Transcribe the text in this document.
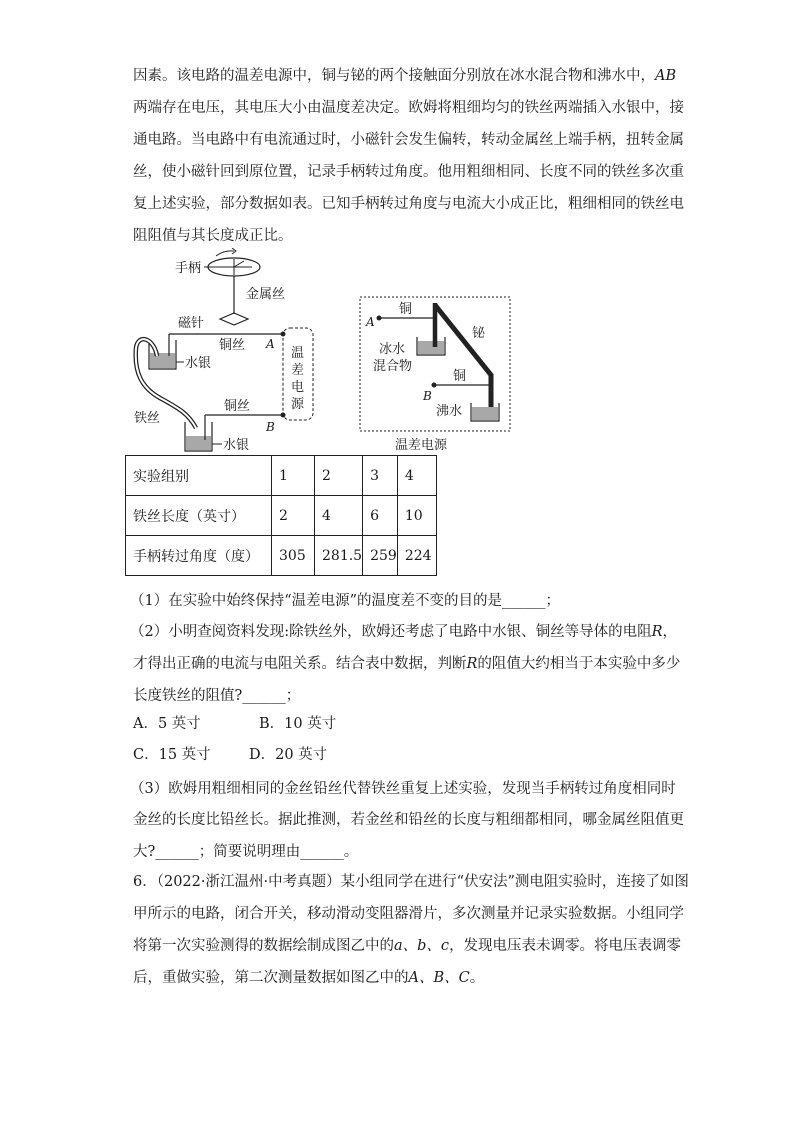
因素。该电路的温差电源中，铜与铋的两个接触面分别放在冰水混合物和沸水中，AB
两端存在电压，其电压大小由温度差决定。欧姆将粗细均匀的铁丝两端插入水银中，接
通电路。当电路中有电流通过时，小磁针会发生偏转，转动金属丝上端手柄，扭转金属
丝，使小磁针回到原位置，记录手柄转过角度。他用粗细相同、长度不同的铁丝多次重
复上述实验，部分数据如表。已知手柄转过角度与电流大小成正比，粗细相同的铁丝电
阻阻值与其长度成正比。
手柄
金属丝
磁针
铜丝 A
水银
铁丝
铜丝
B
水银
温
差
电
源
A
铜
铋
冰水
混合物
B
铜
沸水
温差电源
实验组别	1	2	3	4
铁丝长度（英寸）	2	4	6	10
手柄转过角度（度）	305	281.5	259	224
（1）在实验中始终保持“温差电源”的温度差不变的目的是______；
（2）小明查阅资料发现:除铁丝外，欧姆还考虑了电路中水银、铜丝等导体的电阻R，
才得出正确的电流与电阻关系。结合表中数据，判断R的阻值大约相当于本实验中多少
长度铁丝的阻值?______；
A．5 英寸	B．10 英寸
C．15 英寸	D．20 英寸
（3）欧姆用粗细相同的金丝铅丝代替铁丝重复上述实验，发现当手柄转过角度相同时
金丝的长度比铅丝长。据此推测，若金丝和铅丝的长度与粗细都相同，哪金属丝阻值更
大?______；简要说明理由______。
6．（2022·浙江温州·中考真题）某小组同学在进行“伏安法”测电阻实验时，连接了如图
甲所示的电路，闭合开关，移动滑动变阻器滑片，多次测量并记录实验数据。小组同学
将第一次实验测得的数据绘制成图乙中的a、b、c，发现电压表未调零。将电压表调零
后，重做实验，第二次测量数据如图乙中的A、B、C。
